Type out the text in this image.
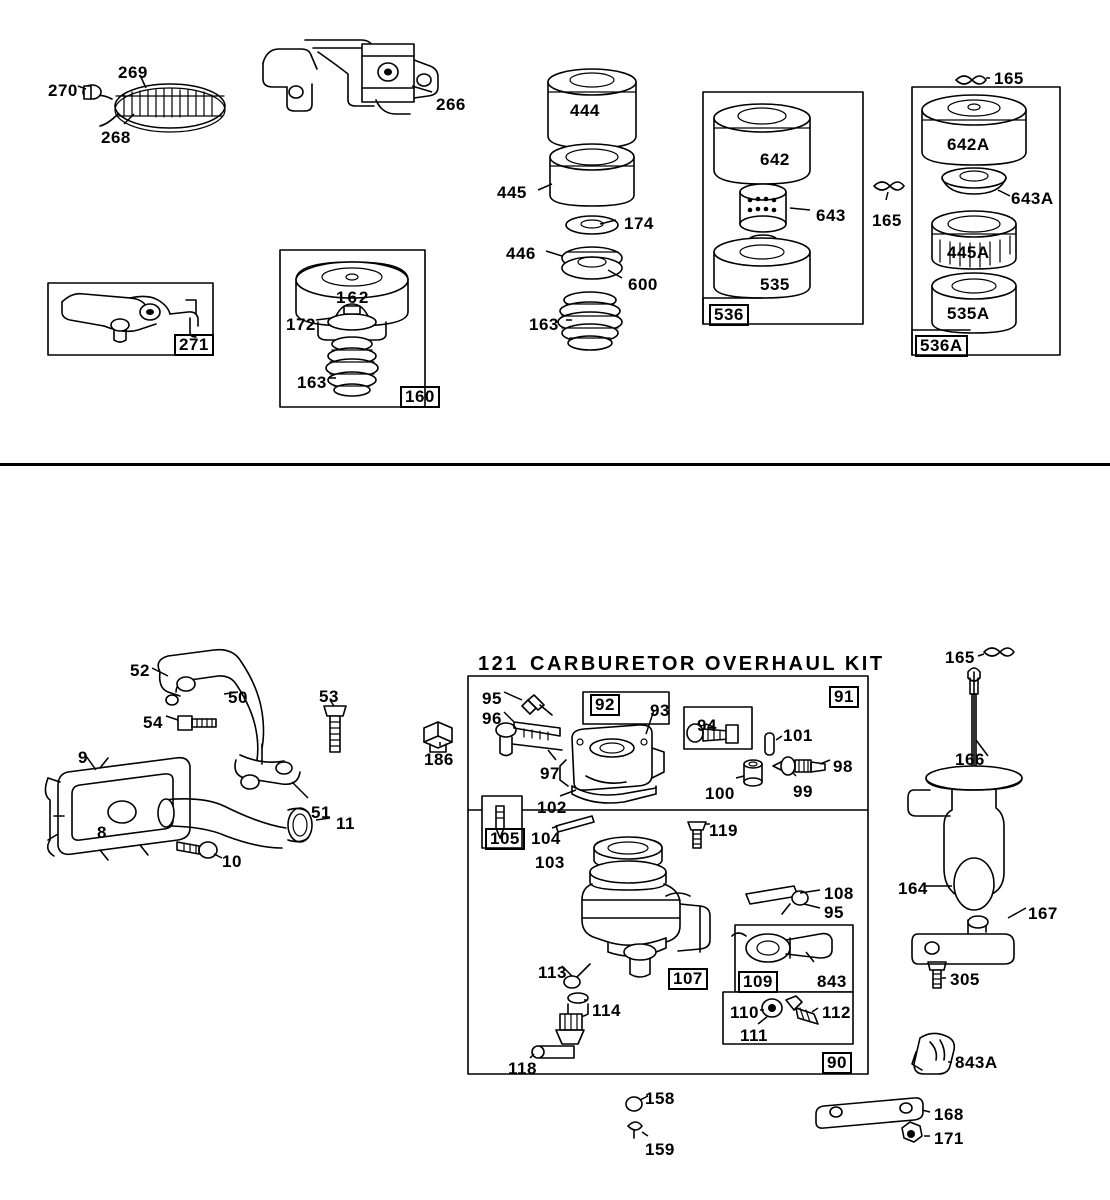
270
269
268
266
271
162
172
163
160
444
445
174
446
600
163
642
643
535
536
165
165
642A
643A
445A
535A
536A
52
50	53
54
51
9
8	11
10
121 CARBURETOR OVERHAUL KIT
95
96
92 93
94
101
91
98
99
100
97
186
102
105 104
103
119
108
95
107 109	843
113
114	110	112
111
118	90
158
159
165
166
164
167
305
843A
168
171
